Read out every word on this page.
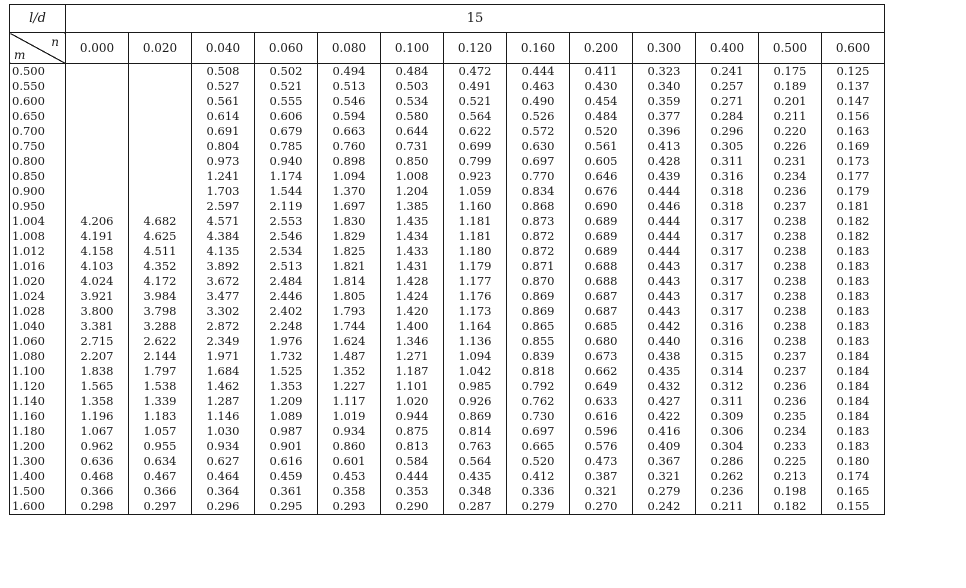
l/d	15												

n
m	0.000	0.020	0.040	0.060	0.080	0.100	0.120	0.160	0.200	0.300	0.400	0.500	0.600
0.500			0.508	0.502	0.494	0.484	0.472	0.444	0.411	0.323	0.241	0.175	0.125
0.550			0.527	0.521	0.513	0.503	0.491	0.463	0.430	0.340	0.257	0.189	0.137
0.600			0.561	0.555	0.546	0.534	0.521	0.490	0.454	0.359	0.271	0.201	0.147
0.650			0.614	0.606	0.594	0.580	0.564	0.526	0.484	0.377	0.284	0.211	0.156
0.700			0.691	0.679	0.663	0.644	0.622	0.572	0.520	0.396	0.296	0.220	0.163
0.750			0.804	0.785	0.760	0.731	0.699	0.630	0.561	0.413	0.305	0.226	0.169
0.800			0.973	0.940	0.898	0.850	0.799	0.697	0.605	0.428	0.311	0.231	0.173
0.850			1.241	1.174	1.094	1.008	0.923	0.770	0.646	0.439	0.316	0.234	0.177
0.900			1.703	1.544	1.370	1.204	1.059	0.834	0.676	0.444	0.318	0.236	0.179
0.950			2.597	2.119	1.697	1.385	1.160	0.868	0.690	0.446	0.318	0.237	0.181
1.004	4.206	4.682	4.571	2.553	1.830	1.435	1.181	0.873	0.689	0.444	0.317	0.238	0.182
1.008	4.191	4.625	4.384	2.546	1.829	1.434	1.181	0.872	0.689	0.444	0.317	0.238	0.182
1.012	4.158	4.511	4.135	2.534	1.825	1.433	1.180	0.872	0.689	0.444	0.317	0.238	0.183
1.016	4.103	4.352	3.892	2.513	1.821	1.431	1.179	0.871	0.688	0.443	0.317	0.238	0.183
1.020	4.024	4.172	3.672	2.484	1.814	1.428	1.177	0.870	0.688	0.443	0.317	0.238	0.183
1.024	3.921	3.984	3.477	2.446	1.805	1.424	1.176	0.869	0.687	0.443	0.317	0.238	0.183
1.028	3.800	3.798	3.302	2.402	1.793	1.420	1.173	0.869	0.687	0.443	0.317	0.238	0.183
1.040	3.381	3.288	2.872	2.248	1.744	1.400	1.164	0.865	0.685	0.442	0.316	0.238	0.183
1.060	2.715	2.622	2.349	1.976	1.624	1.346	1.136	0.855	0.680	0.440	0.316	0.238	0.183
1.080	2.207	2.144	1.971	1.732	1.487	1.271	1.094	0.839	0.673	0.438	0.315	0.237	0.184
1.100	1.838	1.797	1.684	1.525	1.352	1.187	1.042	0.818	0.662	0.435	0.314	0.237	0.184
1.120	1.565	1.538	1.462	1.353	1.227	1.101	0.985	0.792	0.649	0.432	0.312	0.236	0.184
1.140	1.358	1.339	1.287	1.209	1.117	1.020	0.926	0.762	0.633	0.427	0.311	0.236	0.184
1.160	1.196	1.183	1.146	1.089	1.019	0.944	0.869	0.730	0.616	0.422	0.309	0.235	0.184
1.180	1.067	1.057	1.030	0.987	0.934	0.875	0.814	0.697	0.596	0.416	0.306	0.234	0.183
1.200	0.962	0.955	0.934	0.901	0.860	0.813	0.763	0.665	0.576	0.409	0.304	0.233	0.183
1.300	0.636	0.634	0.627	0.616	0.601	0.584	0.564	0.520	0.473	0.367	0.286	0.225	0.180
1.400	0.468	0.467	0.464	0.459	0.453	0.444	0.435	0.412	0.387	0.321	0.262	0.213	0.174
1.500	0.366	0.366	0.364	0.361	0.358	0.353	0.348	0.336	0.321	0.279	0.236	0.198	0.165
1.600	0.298	0.297	0.296	0.295	0.293	0.290	0.287	0.279	0.270	0.242	0.211	0.182	0.155
